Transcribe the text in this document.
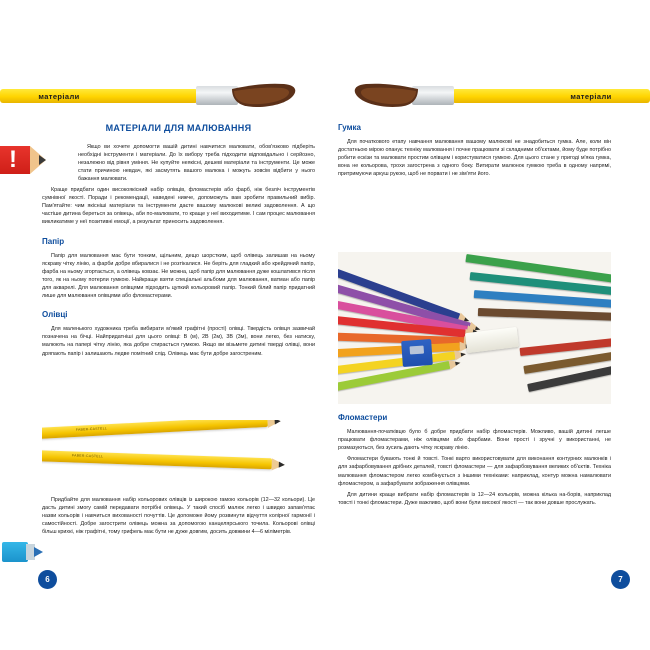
матеріали	матеріали
!
МАТЕРІАЛИ ДЛЯ МАЛЮВАННЯ

Якщо ви хочете допомогти вашій дитині навчитися малювати, обов'язково підберіть необхідні інструменти і матеріали. До їх вибору треба підходити відповідально і серйозно, незалежно від рівня уміння. Не купуйте неякісні, дешеві матеріали та інструменти. Це може стати причиною невдач, які засмутять вашого малюка і можуть зовсім відбити у нього бажання малювати.

Краще придбати один високоякісний набір олівців, фломастерів або фарб, ніж безліч інструментів сумнівної якості. Поради і рекомендації, наведені нижче, допоможуть вам зробити правильний вибір. Пам'ятайте: чим якісніші матеріали та інструменти даєте вашому малюкові великі задоволення. А що частіше дитина береться за олівець, аби по-малювати, то краще у неї виходитиме. І сам процес малювання викликатиме у неї позитивні емоції, а результат приносить задоволення.

Папір

Папір для малювання має бути тонким, щільним, дещо шорстким, щоб олівець залишав на ньому яскраву чітку лінію, а фарби добре вбиралися і не розтікалися. Не беріть для гладкий або крейдяний папір, фарба на ньому згортається, а олівець ковзає. Не можна, щоб папір для малювання дуже кошлатився після того, як на ньому потерли гумкою. Найкраще взяти спеціальні альбоми для малювання, ватман або папір для акварелі. Для малювання олівцями підходить цупкий кольоровий папір. Тонкий білий папір придатний лише для малювання олівцями або фломастерами.

Олівці

Для маленького художника треба вибирати м'який графітні (прості) олівці. Твердість олівця зазвичай позначена на бічці. Найпридатніші для цього олівці: В (м), 2В (2м), 3В (3м), вони легко, без натиску, малюють на папері чітку лінію, яка добре стирається гумкою. Якщо ви візьмете дитині тверді олівці, вони дряпають папір і залишають ледве помітний слід. Олівець має бути добре загостреним.

FABER-CASTELL
FABER-CASTELL

Придбайте для малювання набір кольорових олівців із широкою гамою кольорів (12—32 кольори). Це дасть дитині змогу самій передавати потрібні олівець. У такий спосіб малюк легко і швидко запам'ятає назви кольорів і навчиться вихованості почуттів. Це допоможе йому розвинути відчуття колірної гармонії і самостійності. Добре загострити олівець можна за допомогою канцелярського точила. Кольорові олівці більш крихкі, ніж графітні, тому грифель має бути не дуже довгим, досить довжини 4—6 міліметрів.

Гумка

Для початкового етапу навчання малювання вашому малюкові не знадобиться гумка. Але, коли він достатньою мірою опанує техніку малювання і почне працювати зі складними об'єктами, йому буде потрібно робити ескізи та малювати простим олівцем і користуватися гумкою. Для цього стане у пригоді м'яка гумка, вона не кольорова, трохи загострена з одного боку. Витирати малюнок гумкою треба в одному напрямі, притримуючи аркуш рукою, щоб не порвати і не зім'яти його.

Фломастери

Малювання-початківцю було б добре придбати набір фломастерів. Можливо, вашій дитині легше працювати фломастерами, ніж олівцями або фарбами. Вони прості і зручні у використанні, не розмазуються, без зусиль дають чітку яскраву лінію.

Фломастери бувають тонкі й товсті. Тонкі варто використовувати для виконання контурних малюнків і для зафарбовування дрібних деталей, товсті фломастери — для зафарбовування великих об'єктів. Техніка малювання фломастером легко комбінується з іншими техніками: наприклад, контур можна намалювати фломастером, а зафарбувати зображення олівцями.

Для дитини краще вибрати набір фломастерів із 12—24 кольорів, можна кілька на-борів, наприклад товсті і тонкі фломастери. Дуже важливо, щоб вони були високої якості — так вони довше прослужать.

6	7
